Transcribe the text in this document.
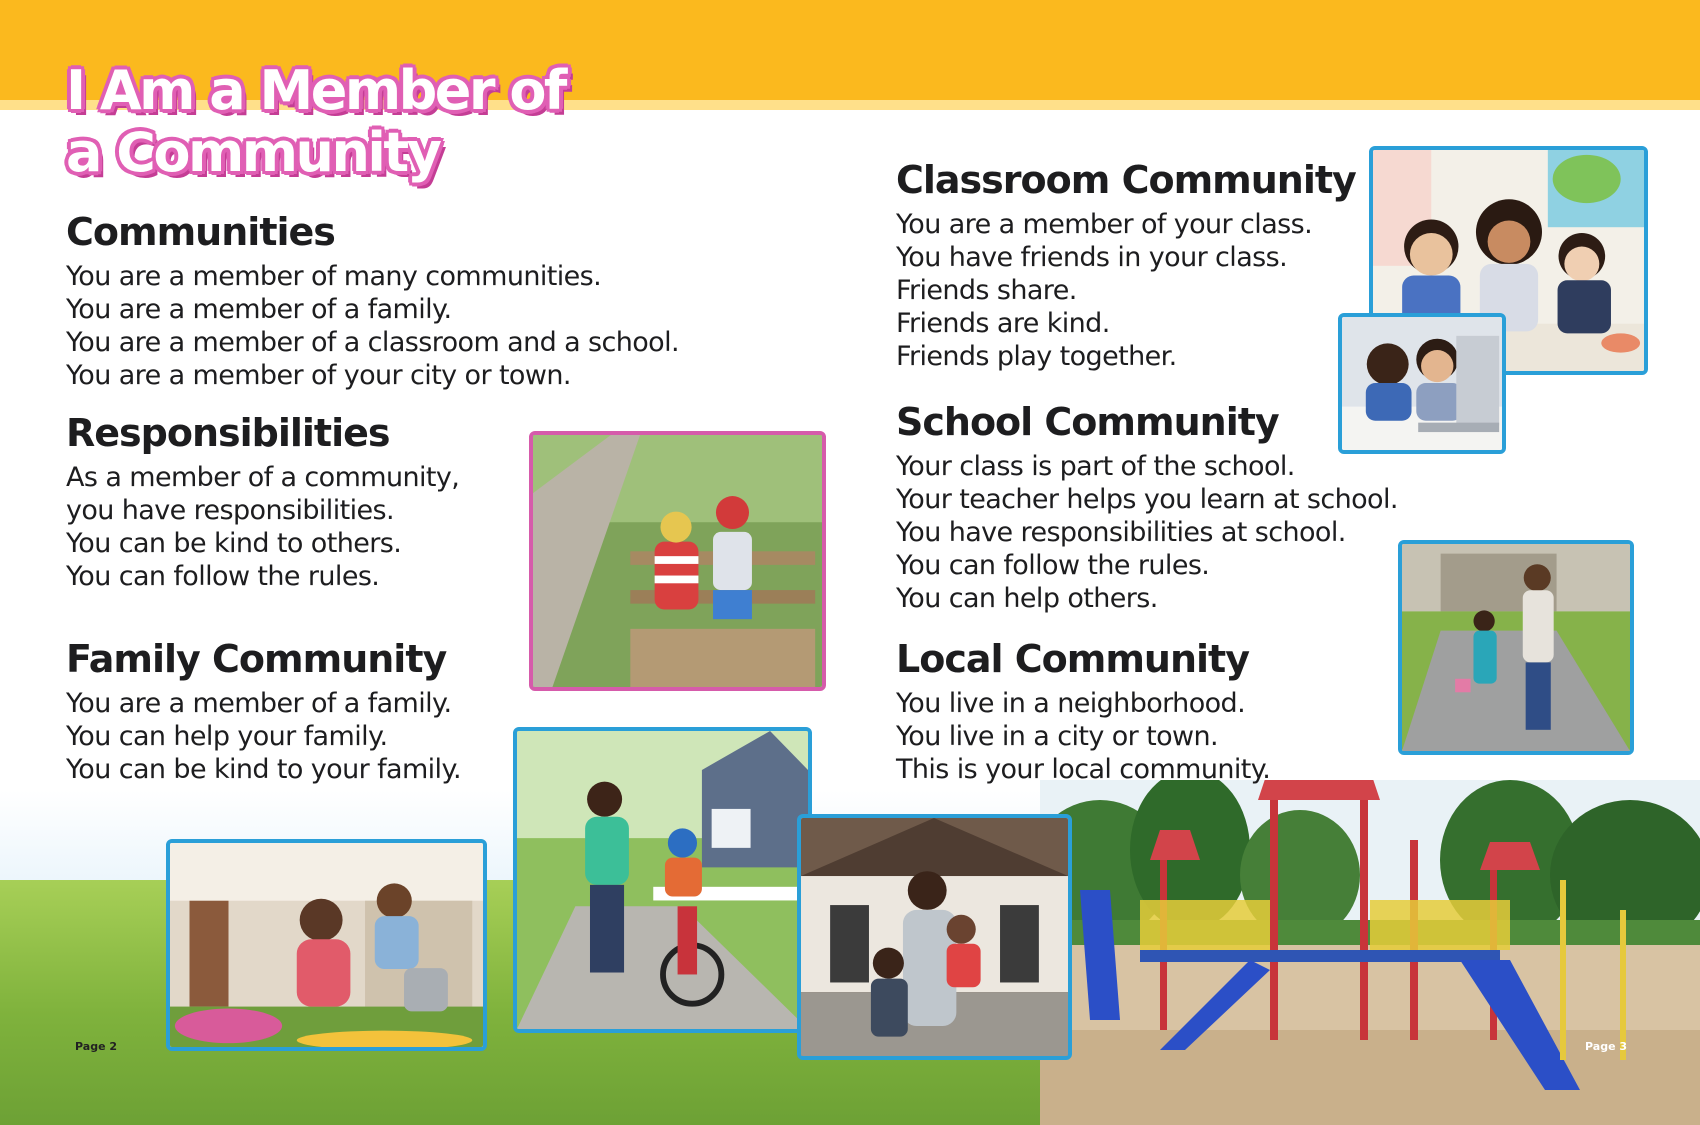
I Am a Member of
a Community
Communities
You are a member of many communities.
You are a member of a family.
You are a member of a classroom and a school.
You are a member of your city or town.
Responsibilities
As a member of a community,
you have responsibilities.
You can be kind to others.
You can follow the rules.
Family Community
You are a member of a family.
You can help your family.
You can be kind to your family.
Classroom Community
You are a member of your class.
You have friends in your class.
Friends share.
Friends are kind.
Friends play together.
School Community
Your class is part of the school.
Your teacher helps you learn at school.
You have responsibilities at school.
You can follow the rules.
You can help others.
Local Community
You live in a neighborhood.
You live in a city or town.
This is your local community.
Page 2	Page 3
